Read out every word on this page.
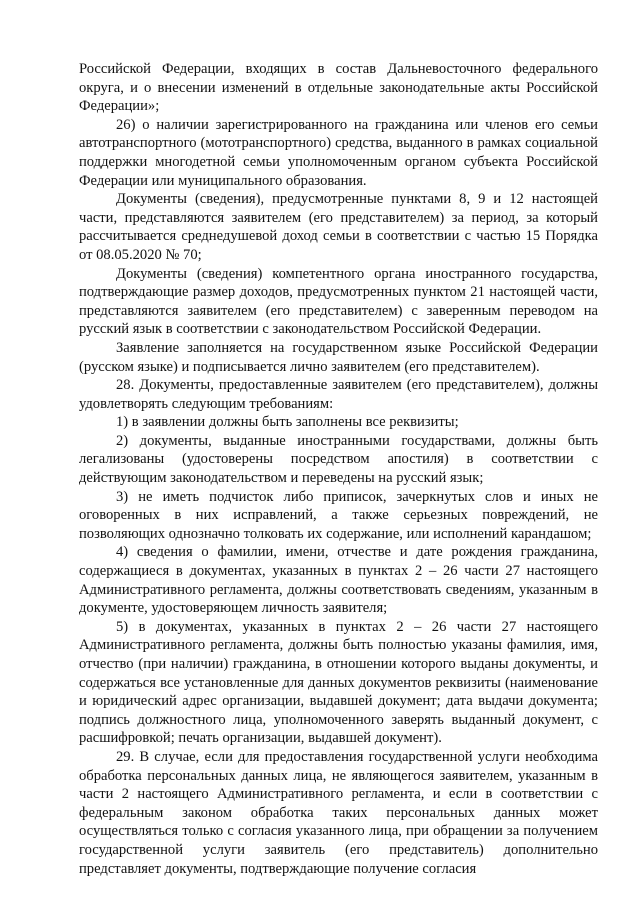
Российской Федерации, входящих в состав Дальневосточного федерального округа, и о внесении изменений в отдельные законодательные акты Российской Федерации»;

26) о наличии зарегистрированного на гражданина или членов его семьи автотранспортного (мототранспортного) средства, выданного в рамках социальной поддержки многодетной семьи уполномоченным органом субъекта Российской Федерации или муниципального образования.

Документы (сведения), предусмотренные пунктами 8, 9 и 12 настоящей части, представляются заявителем (его представителем) за период, за который рассчитывается среднедушевой доход семьи в соответствии с частью 15 Порядка от 08.05.2020 № 70;

Документы (сведения) компетентного органа иностранного государства, подтверждающие размер доходов, предусмотренных пунктом 21 настоящей части, представляются заявителем (его представителем) с заверенным переводом на русский язык в соответствии с законодательством Российской Федерации.

Заявление заполняется на государственном языке Российской Федерации (русском языке) и подписывается лично заявителем (его представителем).

28. Документы, предоставленные заявителем (его представителем), должны удовлетворять следующим требованиям:

1) в заявлении должны быть заполнены все реквизиты;

2) документы, выданные иностранными государствами, должны быть легализованы (удостоверены посредством апостиля) в соответствии с действующим законодательством и переведены на русский язык;

3) не иметь подчисток либо приписок, зачеркнутых слов и иных не оговоренных в них исправлений, а также серьезных повреждений, не позволяющих однозначно толковать их содержание, или исполнений карандашом;

4) сведения о фамилии, имени, отчестве и дате рождения гражданина, содержащиеся в документах, указанных в пунктах 2 – 26 части 27 настоящего Административного регламента, должны соответствовать сведениям, указанным в документе, удостоверяющем личность заявителя;

5) в документах, указанных в пунктах 2 – 26 части 27 настоящего Административного регламента, должны быть полностью указаны фамилия, имя, отчество (при наличии) гражданина, в отношении которого выданы документы, и содержаться все установленные для данных документов реквизиты (наименование и юридический адрес организации, выдавшей документ; дата выдачи документа; подпись должностного лица, уполномоченного заверять выданный документ, с расшифровкой; печать организации, выдавшей документ).

29. В случае, если для предоставления государственной услуги необходима обработка персональных данных лица, не являющегося заявителем, указанным в части 2 настоящего Административного регламента, и если в соответствии с федеральным законом обработка таких персональных данных может осуществляться только с согласия указанного лица, при обращении за получением государственной услуги заявитель (его представитель) дополнительно представляет документы, подтверждающие получение согласия
